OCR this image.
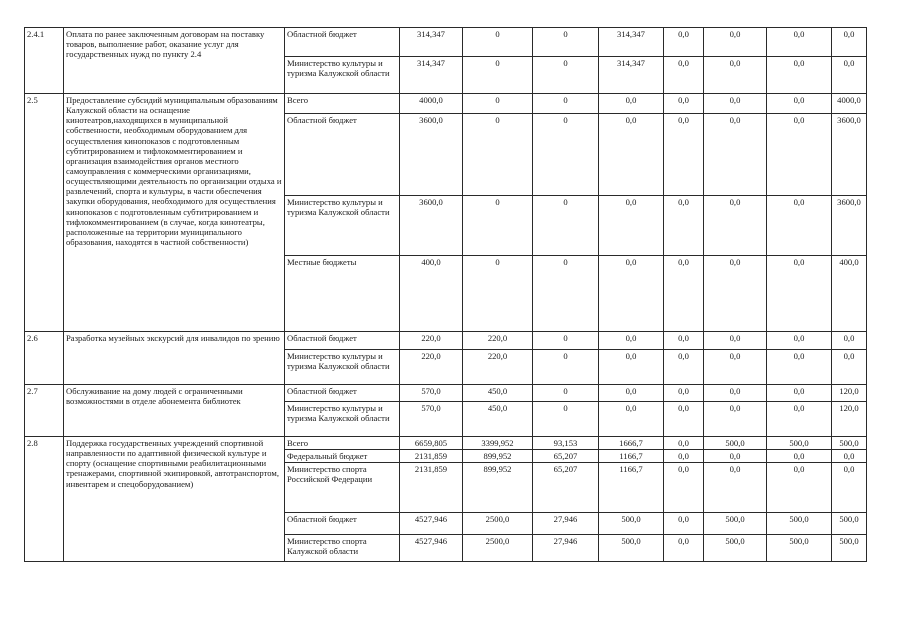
2.4.1	Оплата по ранее заключенным договорам на поставку товаров, выполнение работ, оказание услуг для государственных нужд по пункту 2.4	Областной бюджет	314,347	0	0	314,347	0,0	0,0	0,0	0,0
		Министерство культуры и туризма Калужской области	314,347	0	0	314,347	0,0	0,0	0,0	0,0
2.5	Предоставление субсидий муниципальным образованиям Калужской области на оснащение кинотеатров,находящихся в муниципальной собственности, необходимым оборудованием для осуществления кинопоказов с подготовленным субтитрированием и тифлокомментированием и организация взаимодействия органов местного самоуправления с коммерческими организациями, осуществляющими деятельность по организации отдыха и развлечений, спорта и культуры, в части обеспечения закупки оборудования, необходимого для осуществления кинопоказов с подготовленным субтитрированием и тифлокомментированием (в случае, когда кинотеатры, расположенные на территории муниципального образования, находятся в частной собственности)	Всего	4000,0	0	0	0,0	0,0	0,0	0,0	4000,0
		Областной бюджет	3600,0	0	0	0,0	0,0	0,0	0,0	3600,0
		Министерство культуры и туризма Калужской области	3600,0	0	0	0,0	0,0	0,0	0,0	3600,0
		Местные бюджеты	400,0	0	0	0,0	0,0	0,0	0,0	400,0
2.6	Разработка музейных экскурсий для инвалидов по зрению	Областной бюджет	220,0	220,0	0	0,0	0,0	0,0	0,0	0,0
		Министерство культуры и туризма Калужской области	220,0	220,0	0	0,0	0,0	0,0	0,0	0,0
2.7	Обслуживание на дому людей с ограниченными возможностями в отделе абонемента библиотек	Областной бюджет	570,0	450,0	0	0,0	0,0	0,0	0,0	120,0
		Министерство культуры и туризма Калужской области	570,0	450,0	0	0,0	0,0	0,0	0,0	120,0
2.8	Поддержка государственных учреждений спортивной направленности по адаптивной физической культуре и спорту (оснащение спортивными реабилитационными тренажерами, спортивной экипировкой, автотранспортом, инвентарем и спецоборудованием)	Всего	6659,805	3399,952	93,153	1666,7	0,0	500,0	500,0	500,0
		Федеральный бюджет	2131,859	899,952	65,207	1166,7	0,0	0,0	0,0	0,0
		Министерство спорта Российской Федерации	2131,859	899,952	65,207	1166,7	0,0	0,0	0,0	0,0
		Областной бюджет	4527,946	2500,0	27,946	500,0	0,0	500,0	500,0	500,0
		Министерство спорта Калужской области	4527,946	2500,0	27,946	500,0	0,0	500,0	500,0	500,0
